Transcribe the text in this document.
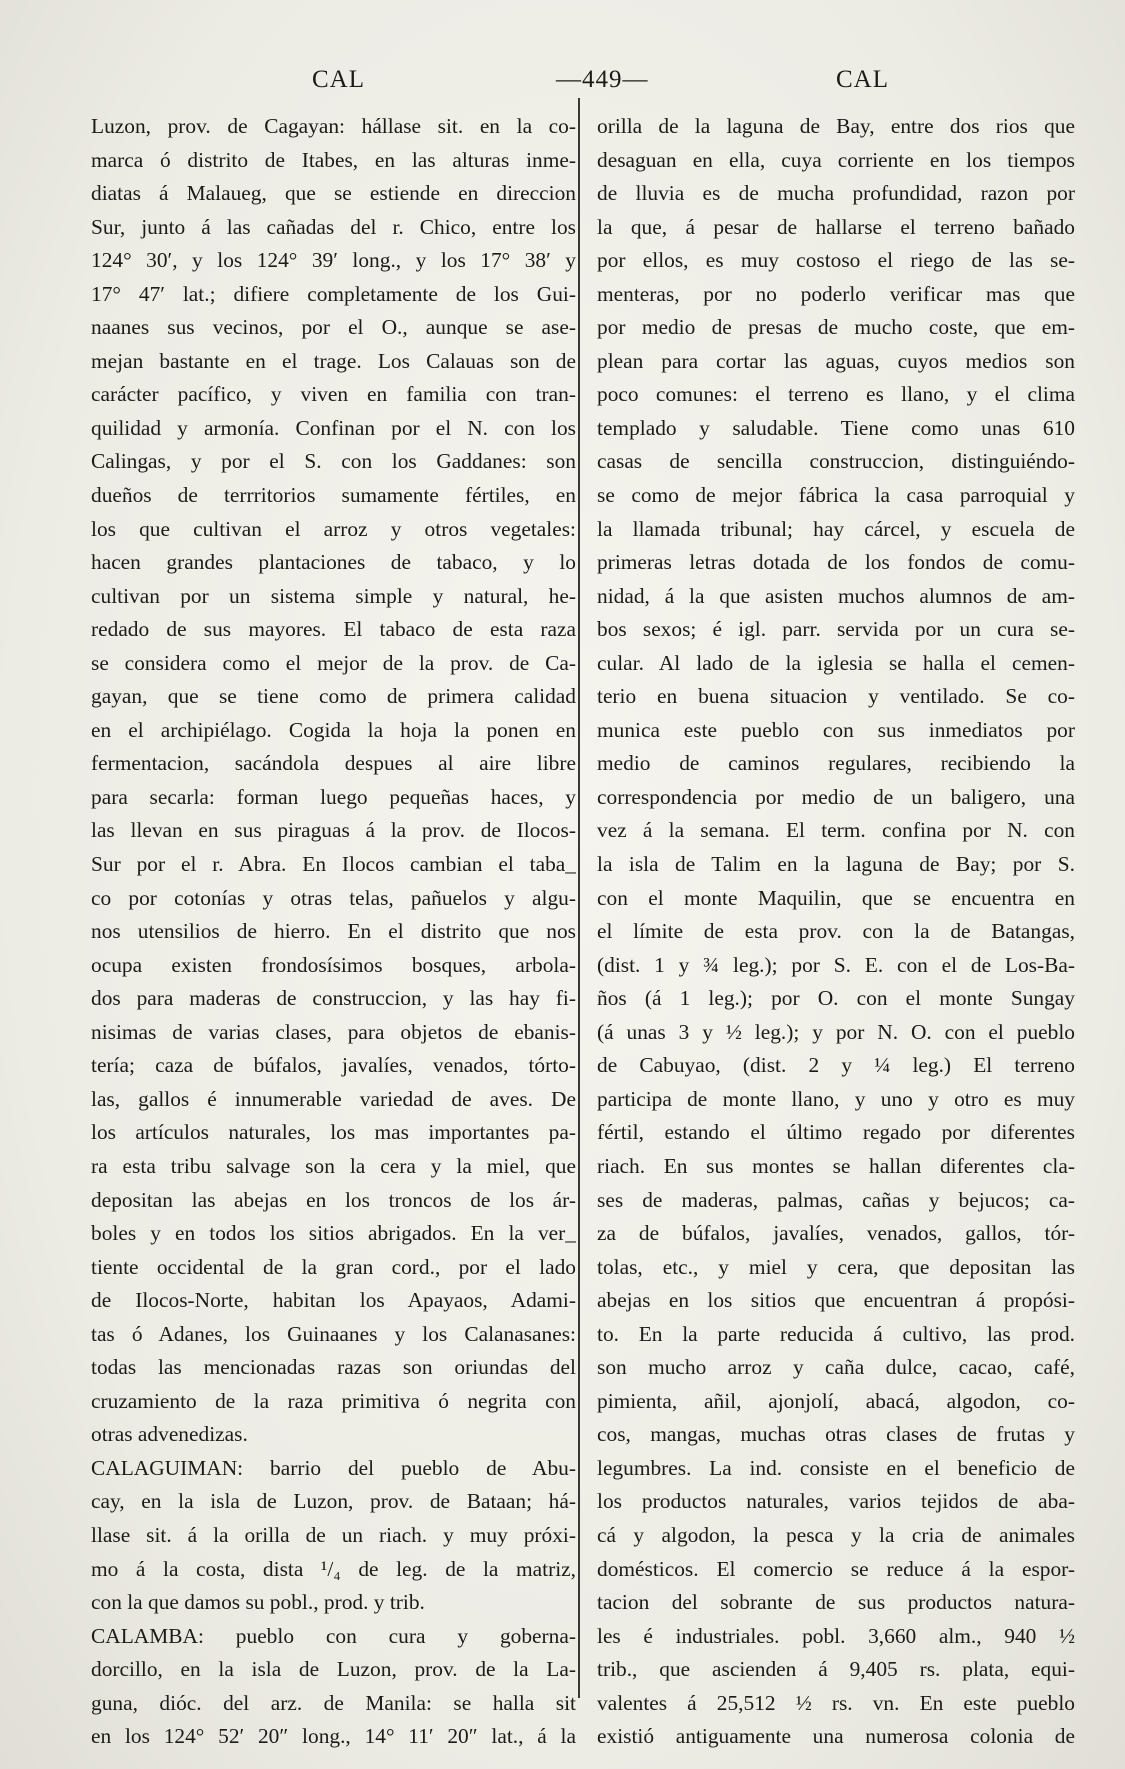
CAL	—449—	CAL
Luzon, prov. de Cagayan: hállase sit. en la co-
marca ó distrito de Itabes, en las alturas inme-
diatas á Malaueg, que se estiende en direccion
Sur, junto á las cañadas del r. Chico, entre los
124° 30′, y los 124° 39′ long., y los 17° 38′ y
17° 47′ lat.; difiere completamente de los Gui-
naanes sus vecinos, por el O., aunque se ase-
mejan bastante en el trage. Los Calauas son de
carácter pacífico, y viven en familia con tran-
quilidad y armonía. Confinan por el N. con los
Calingas, y por el S. con los Gaddanes: son
dueños de terrritorios sumamente fértiles, en
los que cultivan el arroz y otros vegetales:
hacen grandes plantaciones de tabaco, y lo
cultivan por un sistema simple y natural, he-
redado de sus mayores. El tabaco de esta raza
se considera como el mejor de la prov. de Ca-
gayan, que se tiene como de primera calidad
en el archipiélago. Cogida la hoja la ponen en
fermentacion, sacándola despues al aire libre
para secarla: forman luego pequeñas haces, y
las llevan en sus piraguas á la prov. de Ilocos-
Sur por el r. Abra. En Ilocos cambian el taba_
co por cotonías y otras telas, pañuelos y algu-
nos utensilios de hierro. En el distrito que nos
ocupa existen frondosísimos bosques, arbola-
dos para maderas de construccion, y las hay fi-
nisimas de varias clases, para objetos de ebanis-
tería; caza de búfalos, javalíes, venados, tórto-
las, gallos é innumerable variedad de aves. De
los artículos naturales, los mas importantes pa-
ra esta tribu salvage son la cera y la miel, que
depositan las abejas en los troncos de los ár-
boles y en todos los sitios abrigados. En la ver_
tiente occidental de la gran cord., por el lado
de Ilocos-Norte, habitan los Apayaos, Adami-
tas ó Adanes, los Guinaanes y los Calanasanes:
todas las mencionadas razas son oriundas del
cruzamiento de la raza primitiva ó negrita con
otras advenedizas.
CALAGUIMAN: barrio del pueblo de Abu-
cay, en la isla de Luzon, prov. de Bataan; há-
llase sit. á la orilla de un riach. y muy próxi-
mo á la costa, dista ¹/₄ de leg. de la matriz,
con la que damos su pobl., prod. y trib.
CALAMBA: pueblo con cura y goberna-
dorcillo, en la isla de Luzon, prov. de la La-
guna, dióc. del arz. de Manila: se halla sit
en los 124° 52′ 20″ long., 14° 11′ 20″ lat., á la
orilla de la laguna de Bay, entre dos rios que
desaguan en ella, cuya corriente en los tiempos
de lluvia es de mucha profundidad, razon por
la que, á pesar de hallarse el terreno bañado
por ellos, es muy costoso el riego de las se-
menteras, por no poderlo verificar mas que
por medio de presas de mucho coste, que em-
plean para cortar las aguas, cuyos medios son
poco comunes: el terreno es llano, y el clima
templado y saludable. Tiene como unas 610
casas de sencilla construccion, distinguiéndo-
se como de mejor fábrica la casa parroquial y
la llamada tribunal; hay cárcel, y escuela de
primeras letras dotada de los fondos de comu-
nidad, á la que asisten muchos alumnos de am-
bos sexos; é igl. parr. servida por un cura se-
cular. Al lado de la iglesia se halla el cemen-
terio en buena situacion y ventilado. Se co-
munica este pueblo con sus inmediatos por
medio de caminos regulares, recibiendo la
correspondencia por medio de un baligero, una
vez á la semana. El term. confina por N. con
la isla de Talim en la laguna de Bay; por S.
con el monte Maquilin, que se encuentra en
el límite de esta prov. con la de Batangas,
(dist. 1 y ¾ leg.); por S. E. con el de Los-Ba-
ños (á 1 leg.); por O. con el monte Sungay
(á unas 3 y ½ leg.); y por N. O. con el pueblo
de Cabuyao, (dist. 2 y ¼ leg.) El terreno
participa de monte llano, y uno y otro es muy
fértil, estando el último regado por diferentes
riach. En sus montes se hallan diferentes cla-
ses de maderas, palmas, cañas y bejucos; ca-
za de búfalos, javalíes, venados, gallos, tór-
tolas, etc., y miel y cera, que depositan las
abejas en los sitios que encuentran á propósi-
to. En la parte reducida á cultivo, las prod.
son mucho arroz y caña dulce, cacao, café,
pimienta, añil, ajonjolí, abacá, algodon, co-
cos, mangas, muchas otras clases de frutas y
legumbres. La ind. consiste en el beneficio de
los productos naturales, varios tejidos de aba-
cá y algodon, la pesca y la cria de animales
domésticos. El comercio se reduce á la espor-
tacion del sobrante de sus productos natura-
les é industriales. pobl. 3,660 alm., 940 ½
trib., que ascienden á 9,405 rs. plata, equi-
valentes á 25,512 ½ rs. vn. En este pueblo
existió antiguamente una numerosa colonia de
